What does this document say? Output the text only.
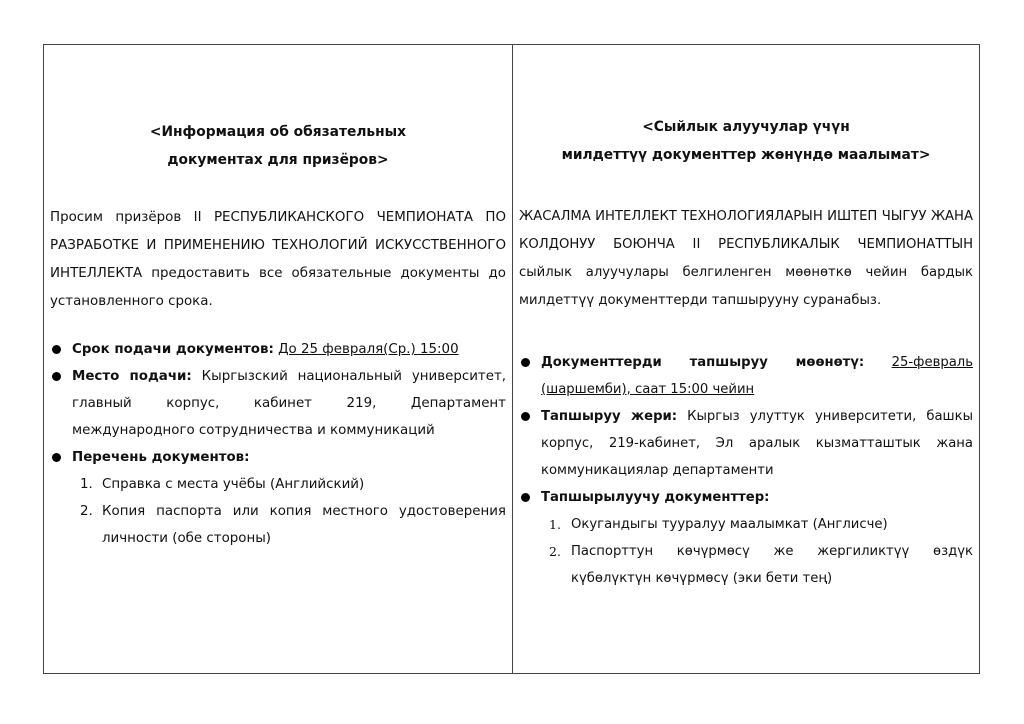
<Информация об обязательных
документах для призёров>
Просим призёров II РЕСПУБЛИКАНСКОГО ЧЕМПИОНАТА ПО РАЗРАБОТКЕ И ПРИМЕНЕНИЮ ТЕХНОЛОГИЙ ИСКУССТВЕННОГО ИНТЕЛЛЕКТА предоставить все обязательные документы до установленного срока.
Срок подачи документов: До 25 февраля(Ср.) 15:00
Место подачи: Кыргызский национальный университет, главный корпус, кабинет 219, Департамент международного сотрудничества и коммуникаций
Перечень документов:
1. Справка с места учёбы (Английский)
2. Копия паспорта или копия местного удостоверения личности (обе стороны)
<Сыйлык алуучулар үчүн
милдеттүү документтер жөнүндө маалымат>
ЖАСАЛМА ИНТЕЛЛЕКТ ТЕХНОЛОГИЯЛАРЫН ИШТЕП ЧЫГУУ ЖАНА КОЛДОНУУ БОЮНЧА II РЕСПУБЛИКАЛЫК ЧЕМПИОНАТТЫН сыйлык алуучулары белгиленген мөөнөткө чейин бардык милдеттүү документтерди тапшырууну суранабыз.
Документтерди тапшыруу мөөнөтү: 25-февраль (шаршемби), саат 15:00 чейин
Тапшыруу жери: Кыргыз улуттук университети, башкы корпус, 219-кабинет, Эл аралык кызматташтык жана коммуникациялар департаменти
Тапшырылуучу документтер:
1. Окугандыгы тууралуу маалымкат (Англисче)
2. Паспорттун көчүрмөсү же жергиликтүү өздүк күбөлүктүн көчүрмөсү (эки бети тең)
